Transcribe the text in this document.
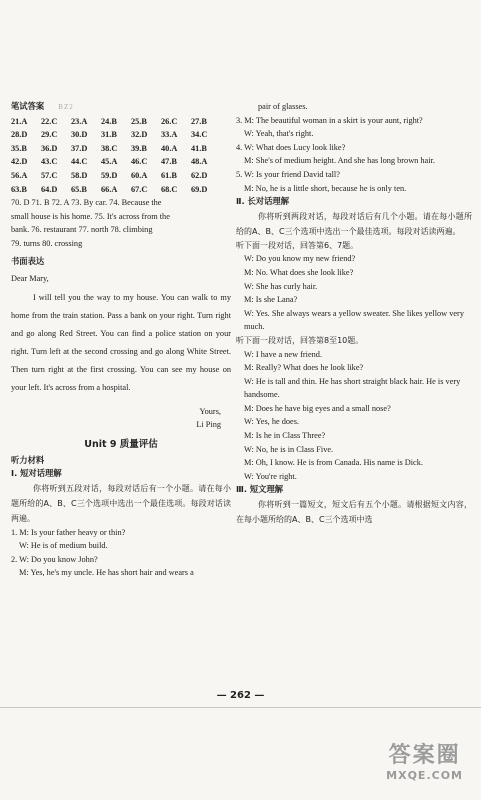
笔试答案 BZ2
21.A	22.C	23.A	24.B	25.B	26.C	27.B
28.D	29.C	30.D	31.B	32.D	33.A	34.C
35.B	36.D	37.D	38.C	39.B	40.A	41.B
42.D	43.C	44.C	45.A	46.C	47.B	48.A
56.A	57.C	58.D	59.D	60.A	61.B	62.D
63.B	64.D	65.B	66.A	67.C	68.C	69.D
70. D 71. B 72. A 73. By car. 74. Because the
small house is his home. 75. It's across from the
bank. 76. restaurant 77. north 78. climbing
79. turns 80. crossing
书面表达
Dear Mary,
I will tell you the way to my house. You can walk to my home from the train station. Pass a bank on your right. Turn right and go along Red Street. You can find a police station on your right. Turn left at the second crossing and go along White Street. Then turn right at the first crossing. You can see my house on your left. It's across from a hospital.
Yours,
Li Ping
Unit 9 质量评估
听力材料
Ⅰ. 短对话理解
你将听到五段对话，每段对话后有一个小题。请在每小题所给的A、B、C三个选项中选出一个最佳选项。每段对话读两遍。
1. M: Is your father heavy or thin?
W: He is of medium build.
2. W: Do you know John?
M: Yes, he's my uncle. He has short hair and wears a
pair of glasses.
3. M: The beautiful woman in a skirt is your aunt, right?
W: Yeah, that's right.
4. W: What does Lucy look like?
M: She's of medium height. And she has long brown hair.
5. W: Is your friend David tall?
M: No, he is a little short, because he is only ten.
Ⅱ. 长对话理解
你将听到两段对话，每段对话后有几个小题。请在每小题所给的A、B、C三个选项中选出一个最佳选项。每段对话读两遍。
听下面一段对话，回答第6、7题。
W: Do you know my new friend?
M: No. What does she look like?
W: She has curly hair.
M: Is she Lana?
W: Yes. She always wears a yellow sweater. She likes yellow very much.
听下面一段对话，回答第8至10题。
W: I have a new friend.
M: Really? What does he look like?
W: He is tall and thin. He has short straight black hair. He is very handsome.
M: Does he have big eyes and a small nose?
W: Yes, he does.
M: Is he in Class Three?
W: No, he is in Class Five.
M: Oh, I know. He is from Canada. His name is Dick.
W: You're right.
Ⅲ. 短文理解
你将听到一篇短文，短文后有五个小题。请根据短文内容，在每小题所给的A、B、C三个选项中选
— 262 —
答案圈
MXQE.COM
